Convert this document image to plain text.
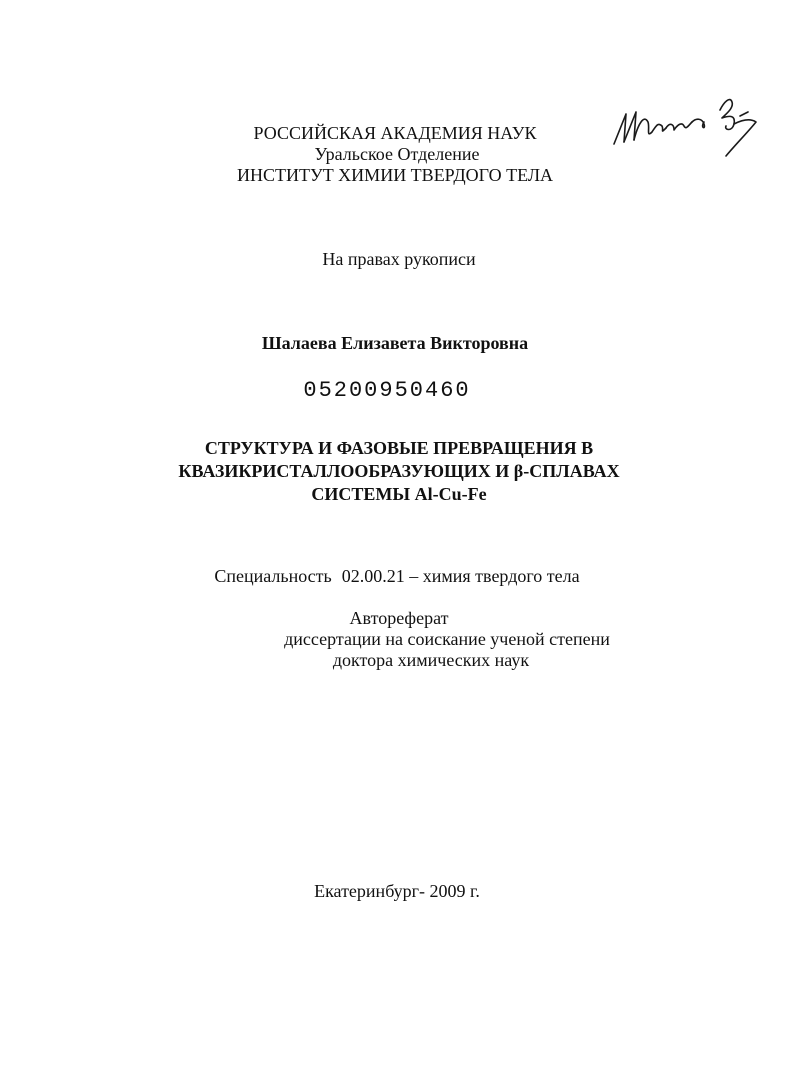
РОССИЙСКАЯ АКАДЕМИЯ НАУК
Уральское Отделение
ИНСТИТУТ ХИМИИ ТВЕРДОГО ТЕЛА
На правах рукописи
Шалаева Елизавета Викторовна
05200950460
СТРУКТУРА И ФАЗОВЫЕ ПРЕВРАЩЕНИЯ В
КВАЗИКРИСТАЛЛООБРАЗУЮЩИХ И β-СПЛАВАХ
СИСТЕМЫ Al-Cu-Fe
Специальность 02.00.21 – химия твердого тела
Автореферат
диссертации на соискание ученой степени
доктора химических наук
Екатеринбург- 2009 г.
